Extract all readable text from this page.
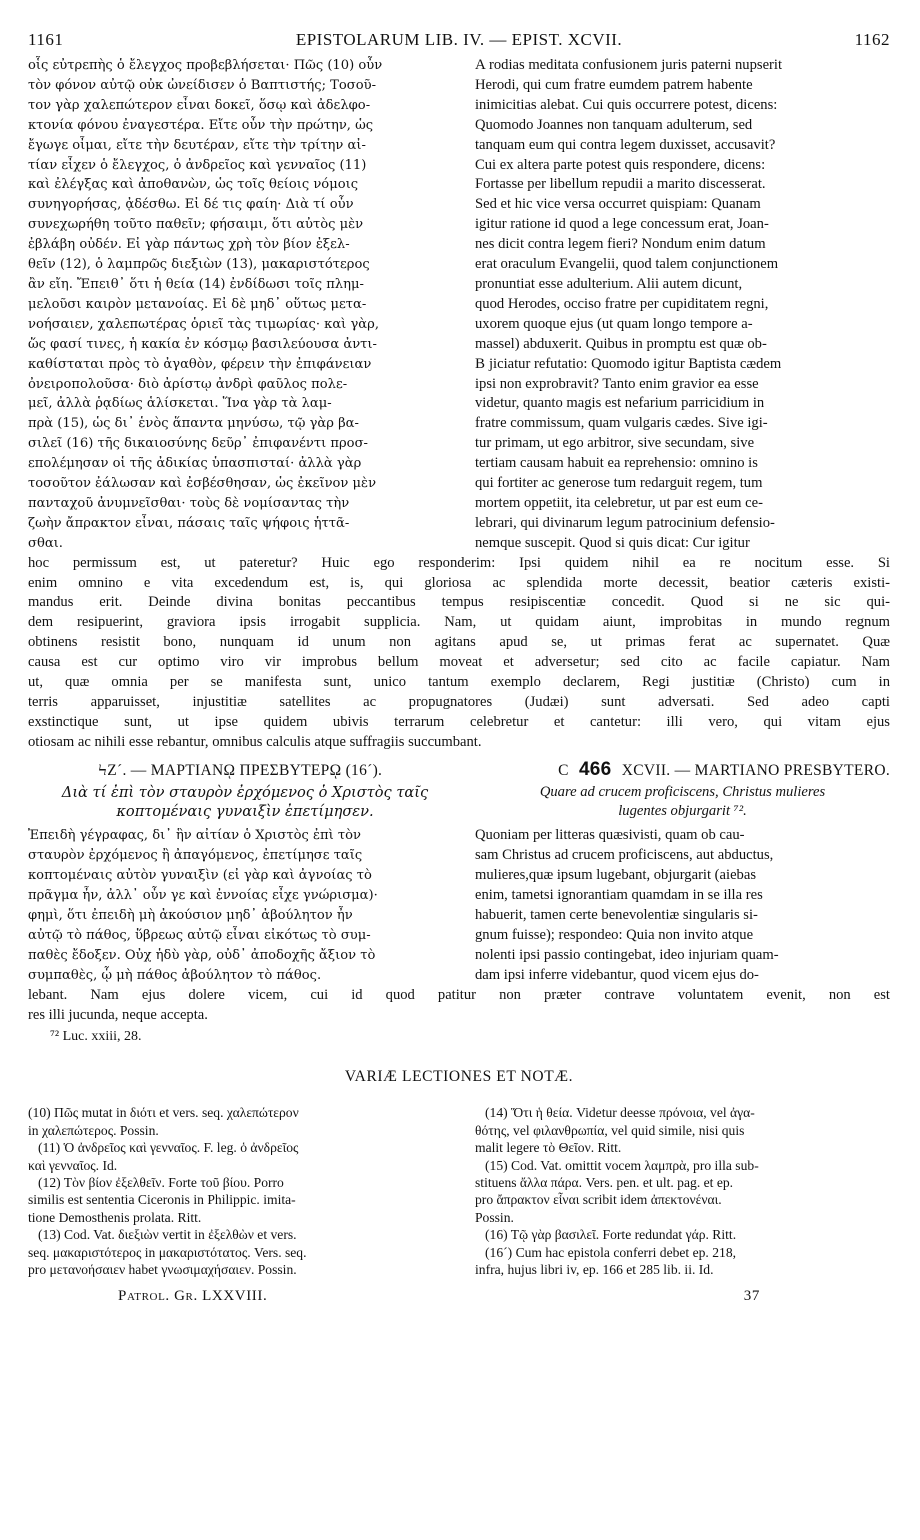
1161	EPISTOLARUM LIB. IV. — EPIST. XCVII.	1162
οἷς εὐτρεπὴς ὁ ἔλεγχος προβεβλήσεται· Πῶς (10) οὖν
τὸν φόνον αὐτῷ οὐκ ὠνείδισεν ὁ Βαπτιστής; Τοσοῦ-
τον γὰρ χαλεπώτερον εἶναι δοκεῖ, ὅσῳ καὶ ἀδελφο-
κτονία φόνου ἐναγεστέρα. Εἴτε οὖν τὴν πρώτην, ὡς
ἔγωγε οἶμαι, εἴτε τὴν δευτέραν, εἴτε τὴν τρίτην αἰ-
τίαν εἶχεν ὁ ἔλεγχος, ὁ ἀνδρεῖος καὶ γενναῖος (11)
καὶ ἐλέγξας καὶ ἀποθανὼν, ὡς τοῖς θείοις νόμοις
συνηγορήσας, ᾀδέσθω. Εἰ δέ τις φαίη· Διὰ τί οὖν
συνεχωρήθη τοῦτο παθεῖν; φήσαιμι, ὅτι αὐτὸς μὲν
ἐβλάβη οὐδέν. Εἰ γὰρ πάντως χρὴ τὸν βίον ἐξελ-
θεῖν (12), ὁ λαμπρῶς διεξιὼν (13), μακαριστότερος
ἂν εἴη. Ἔπειθ᾽ ὅτι ἡ θεία (14) ἐνδίδωσι τοῖς πλημ-
μελοῦσι καιρὸν μετανοίας. Εἰ δὲ μηδ᾽ οὕτως μετα-
νοήσαιεν, χαλεπωτέρας ὁριεῖ τὰς τιμωρίας· καὶ γὰρ,
ὥς φασί τινες, ἡ κακία ἐν κόσμῳ βασιλεύουσα ἀντι-
καθίσταται πρὸς τὸ ἀγαθὸν, φέρειν τὴν ἐπιφάνειαν
ὀνειροπολοῦσα· διὸ ἀρίστῳ ἀνδρὶ φαῦλος πολε-
μεῖ, ἀλλὰ ῥᾳδίως ἁλίσκεται. Ἵνα γὰρ τὰ λαμ-
πρὰ (15), ὡς δι᾽ ἑνὸς ἅπαντα μηνύσω, τῷ γὰρ βα-
σιλεῖ (16) τῆς δικαιοσύνης δεῦρ᾽ ἐπιφανέντι προσ-
επολέμησαν οἱ τῆς ἀδικίας ὑπασπισταί· ἀλλὰ γὰρ
τοσοῦτον ἐάλωσαν καὶ ἐσβέσθησαν, ὡς ἐκεῖνον μὲν
πανταχοῦ ἀνυμνεῖσθαι· τοὺς δὲ νομίσαντας τὴν
ζωὴν ἄπρακτον εἶναι, πάσαις ταῖς ψήφοις ἡττᾶ-
σθαι.
A rodias meditata confusionem juris paterni nupserit
Herodi, qui cum fratre eumdem patrem habente
inimicitias alebat. Cui quis occurrere potest, dicens:
Quomodo Joannes non tanquam adulterum, sed
tanquam eum qui contra legem duxisset, accusavit?
Cui ex altera parte potest quis respondere, dicens:
Fortasse per libellum repudii a marito discesserat.
Sed et hic vice versa occurret quispiam: Quanam
igitur ratione id quod a lege concessum erat, Joan-
nes dicit contra legem fieri? Nondum enim datum
erat oraculum Evangelii, quod talem conjunctionem
pronuntiat esse adulterium. Alii autem dicunt,
quod Herodes, occiso fratre per cupiditatem regni,
uxorem quoque ejus (ut quam longo tempore a-
massel) abduxerit. Quibus in promptu est quæ ob-
B jiciatur refutatio: Quomodo igitur Baptista cædem
ipsi non exprobravit? Tanto enim gravior ea esse
videtur, quanto magis est nefarium parricidium in
fratre commissum, quam vulgaris cædes. Sive igi-
tur primam, ut ego arbitror, sive secundam, sive
tertiam causam habuit ea reprehensio: omnino is
qui fortiter ac generose tum redarguit regem, tum
mortem oppetiit, ita celebretur, ut par est eum ce-
lebrari, qui divinarum legum patrocinium defensio-
nemque suscepit. Quod si quis dicat: Cur igitur
hoc permissum est, ut pateretur? Huic ego responderim: Ipsi quidem nihil ea re nocitum esse. Si
enim omnino e vita excedendum est, is, qui gloriosa ac splendida morte decessit, beatior cæteris existi-
mandus erit. Deinde divina bonitas peccantibus tempus resipiscentiæ concedit. Quod si ne sic qui-
dem resipuerint, graviora ipsis irrogabit supplicia. Nam, ut quidam aiunt, improbitas in mundo regnum
obtinens resistit bono, nunquam id unum non agitans apud se, ut primas ferat ac supernatet. Quæ
causa est cur optimo viro vir improbus bellum moveat et adversetur; sed cito ac facile capiatur. Nam
ut, quæ omnia per se manifesta sunt, unico tantum exemplo declarem, Regi justitiæ (Christo) cum in
terris apparuisset, injustitiæ satellites ac propugnatores (Judæi) sunt adversati. Sed adeo capti
exstinctique sunt, ut ipse quidem ubivis terrarum celebretur et cantetur: illi vero, qui vitam ejus
otiosam ac nihili esse rebantur, omnibus calculis atque suffragiis succumbant.
ϞΖ´. — ΜΑΡΤΙΑΝῼ ΠΡΕΣΒΥΤΕΡῼ (16´).	C 466 XCVII. — MARTIANO PRESBYTERO.
Διὰ τί ἐπὶ τὸν σταυρὸν ἐρχόμενος ὁ Χριστὸς ταῖς
κοπτομέναις γυναιξὶν ἐπετίμησεν.
Quare ad crucem proficiscens, Christus mulieres
lugentes objurgarit ⁷².
Ἐπειδὴ γέγραφας, δι᾽ ἣν αἰτίαν ὁ Χριστὸς ἐπὶ τὸν
σταυρὸν ἐρχόμενος ἢ ἀπαγόμενος, ἐπετίμησε ταῖς
κοπτομέναις αὐτὸν γυναιξὶν (εἰ γὰρ καὶ ἀγνοίας τὸ
πρᾶγμα ἦν, ἀλλ᾽ οὖν γε καὶ ἐννοίας εἶχε γνώρισμα)·
φημὶ, ὅτι ἐπειδὴ μὴ ἀκούσιον μηδ᾽ ἀβούλητον ἦν
αὐτῷ τὸ πάθος, ὕβρεως αὐτῷ εἶναι εἰκότως τὸ συμ-
παθὲς ἔδοξεν. Οὐχ ἡδὺ γὰρ, οὐδ᾽ ἀποδοχῆς ἄξιον τὸ
συμπαθὲς, ᾧ μὴ πάθος ἀβούλητον τὸ πάθος.
Quoniam per litteras quæsivisti, quam ob cau-
sam Christus ad crucem proficiscens, aut abductus,
mulieres,quæ ipsum lugebant, objurgarit (aiebas
enim, tametsi ignorantiam quamdam in se illa res
habuerit, tamen certe benevolentiæ singularis si-
gnum fuisse); respondeo: Quia non invito atque
nolenti ipsi passio contingebat, ideo injuriam quam-
dam ipsi inferre videbantur, quod vicem ejus do-
lebant. Nam ejus dolere vicem, cui id quod patitur non præter contrave voluntatem evenit, non est
res illi jucunda, neque accepta.
⁷² Luc. xxiii, 28.
VARIÆ LECTIONES ET NOTÆ.
(10) Πῶς mutat in διότι et vers. seq. χαλεπώτερον
in χαλεπώτερος. Possin.
(11) Ὁ ἀνδρεῖος καὶ γενναῖος. F. leg. ὁ ἀνδρεῖος
καὶ γενναῖος. Id.
(12) Τὸν βίον ἐξελθεῖν. Forte τοῦ βίου. Porro
similis est sententia Ciceronis in Philippic. imita-
tione Demosthenis prolata. Ritt.
(13) Cod. Vat. διεξιὼν vertit in ἐξελθὼν et vers.
seq. μακαριστότερος in μακαριστότατος. Vers. seq.
pro μετανοήσαιεν habet γνωσιμαχήσαιεν. Possin.
(14) Ὅτι ἡ θεία. Videtur deesse πρόνοια, vel ἀγα-
θότης, vel φιλανθρωπία, vel quid simile, nisi quis
malit legere τὸ Θεῖον. Ritt.
(15) Cod. Vat. omittit vocem λαμπρὰ, pro illa sub-
stituens ἄλλα πάρα. Vers. pen. et ult. pag. et ep.
pro ἄπρακτον εἶναι scribit idem ἀπεκτονέναι.
Possin.
(16) Τῷ γὰρ βασιλεῖ. Forte redundat γάρ. Ritt.
(16´) Cum hac epistola conferri debet ep. 218,
infra, hujus libri iv, ep. 166 et 285 lib. ii. Id.
Patrol. Gr. LXXVIII.	37
